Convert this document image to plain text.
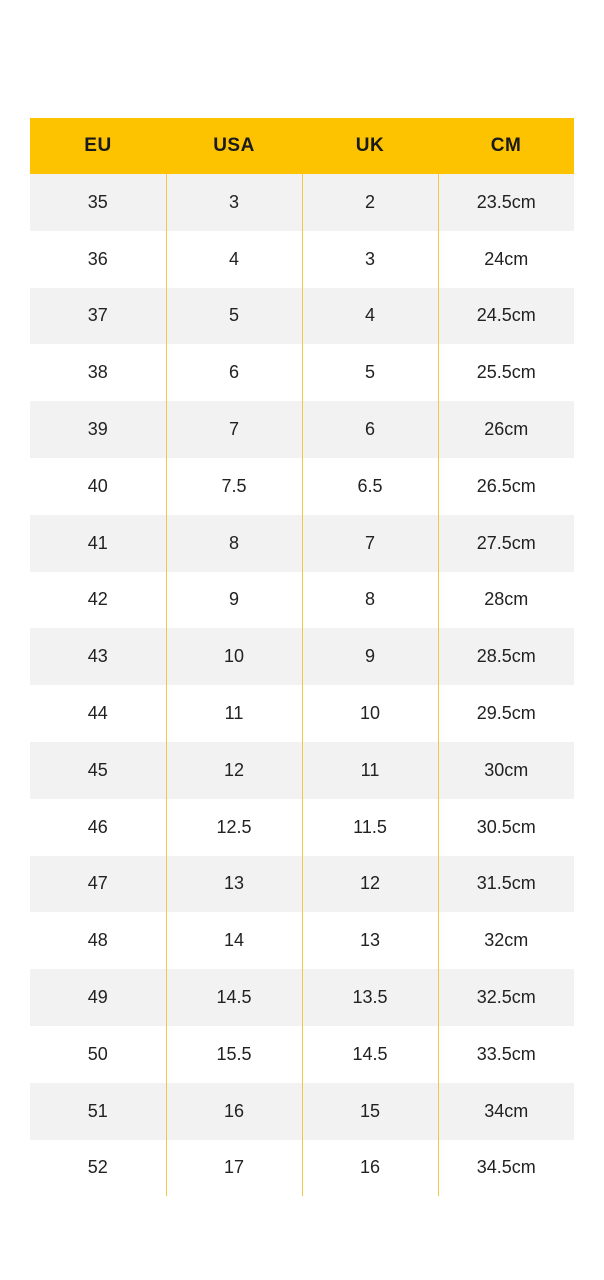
EU	USA	UK	CM
35	3	2	23.5cm
36	4	3	24cm
37	5	4	24.5cm
38	6	5	25.5cm
39	7	6	26cm
40	7.5	6.5	26.5cm
41	8	7	27.5cm
42	9	8	28cm
43	10	9	28.5cm
44	11	10	29.5cm
45	12	11	30cm
46	12.5	11.5	30.5cm
47	13	12	31.5cm
48	14	13	32cm
49	14.5	13.5	32.5cm
50	15.5	14.5	33.5cm
51	16	15	34cm
52	17	16	34.5cm
